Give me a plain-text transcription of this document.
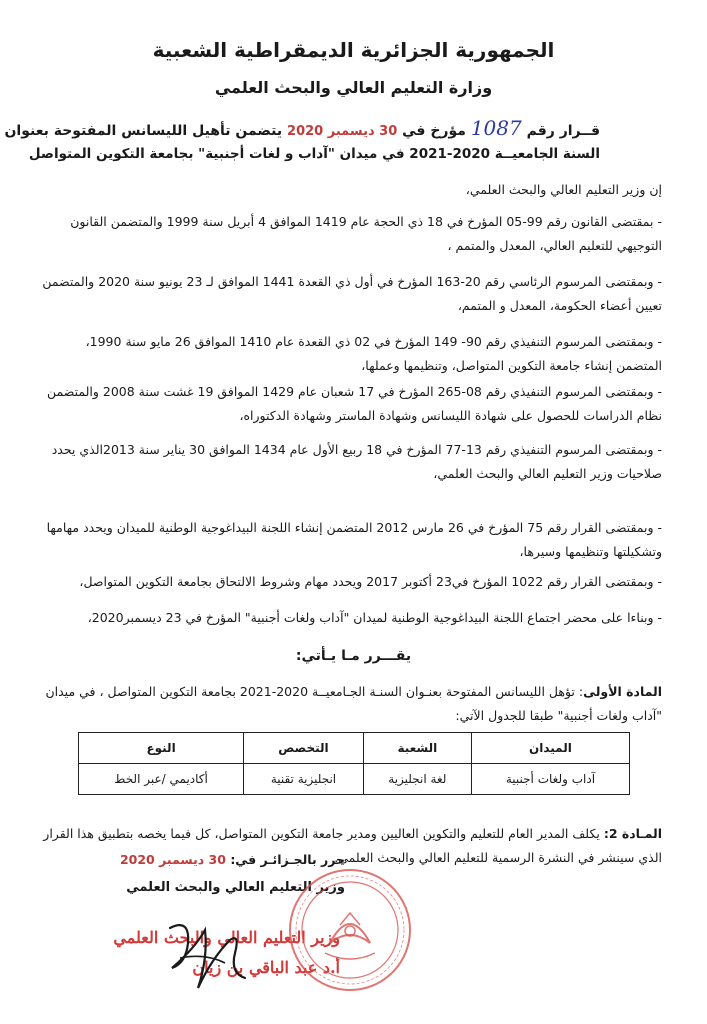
الجمهورية الجزائرية الديمقراطية الشعبية
وزارة التعليم العالي والبحث العلمي
قــرار رقم 1087 مؤرخ في 30 ديسمبر 2020 يتضمن تأهيل الليسانس المفتوحة بعنوان
السنة الجامعيــة 2020-2021 في ميدان "آداب و لغات أجنبية" بجامعة التكوين المتواصل
إن وزير التعليم العالي والبحث العلمي،
- بمقتضى القانون رقم 99-05 المؤرخ في 18 ذي الحجة عام 1419 الموافق 4 أبريل سنة 1999 والمتضمن القانون التوجيهي للتعليم العالي، المعدل والمتمم ،
- وبمقتضى المرسوم الرئاسي رقم 20-163 المؤرخ في أول ذي القعدة 1441 الموافق لـ 23 يونيو سنة 2020 والمتضمن تعيين أعضاء الحكومة، المعدل و المتمم،
- وبمقتضى المرسوم التنفيذي رقم 90- 149 المؤرخ في 02 ذي القعدة عام 1410 الموافق 26 مايو سنة 1990، المتضمن إنشاء جامعة التكوين المتواصل، وتنظيمها وعملها،
- وبمقتضى المرسوم التنفيذي رقم 08-265 المؤرخ في 17 شعبان عام 1429 الموافق 19 غشت سنة 2008 والمتضمن نظام الدراسات للحصول على شهادة الليسانس وشهادة الماستر وشهادة الدكتوراه،
- وبمقتضى المرسوم التنفيذي رقم 13-77 المؤرخ في 18 ربيع الأول عام 1434 الموافق 30 يناير سنة 2013الذي يحدد صلاحيات وزير التعليم العالي والبحث العلمي،
- وبمقتضى القرار رقم 75 المؤرخ في 26 مارس 2012 المتضمن إنشاء اللجنة البيداغوجية الوطنية للميدان ويحدد مهامها وتشكيلتها وتنظيمها وسيرها،
- وبمقتضى القرار رقم 1022 المؤرخ في23 أكتوبر 2017 ويحدد مهام وشروط الالتحاق بجامعة التكوين المتواصل،
- وبناءا على محضر اجتماع اللجنة البيداغوجية الوطنية لميدان "آداب ولغات أجنبية" المؤرخ في 23 ديسمبر2020،
يقـــرر مـا يـأتي:
المادة الأولى: تؤهل الليسانس المفتوحة بعنـوان السنـة الجـامعيــة 2020-2021 بجامعة التكوين المتواصل ، في ميدان "آداب ولغات أجنبية" طبقا للجدول الآتي:
الميدان	الشعبة	التخصص	النوع
آداب ولغات أجنبية	لغة انجليزية	انجليزية تقنية	أكاديمي /عبر الخط
المـادة 2: يكلف المدير العام للتعليم والتكوين العاليين ومدير جامعة التكوين المتواصل، كل فيما يخصه بتطبيق هذا القرار الذي سينشر في النشرة الرسمية للتعليم العالي والبحث العلمي.
حرر بالجـزائـر في: 30 ديسمبر 2020
وزير التعليم العالي والبحث العلمي
وزير التعليم العالي والبحث العلمي
أ.د عبد الباقي بن زيان
